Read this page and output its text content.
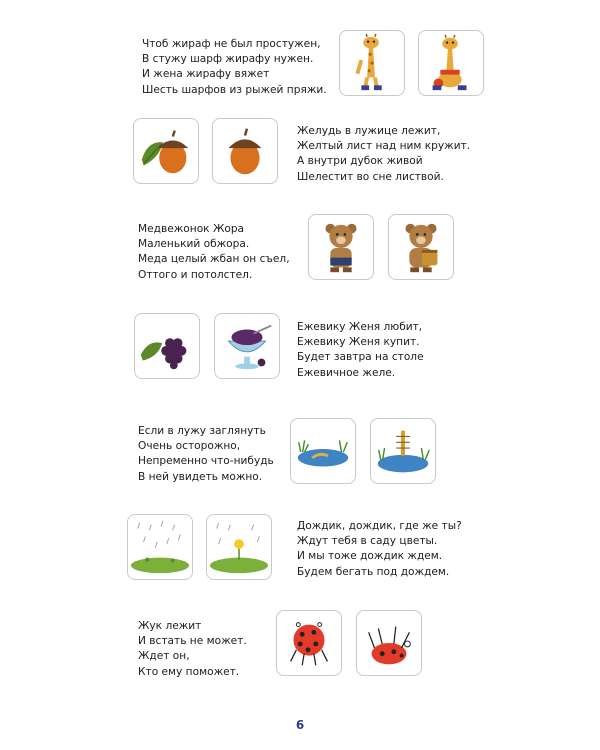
Чтоб жираф не был простужен,
В стужу шарф жирафу нужен.
И жена жирафу вяжет
Шесть шарфов из рыжей пряжи.
Желудь в лужице лежит,
Желтый лист над ним кружит.
А внутри дубок живой
Шелестит во сне листвой.
Медвежонок Жора
Маленький обжора.
Меда целый жбан он съел,
Оттого и потолстел.
Ежевику Женя любит,
Ежевику Женя купит.
Будет завтра на столе
Ежевичное желе.
Если в лужу заглянуть
Очень осторожно,
Непременно что-нибудь
В ней увидеть можно.
Дождик, дождик, где же ты?
Ждут тебя в саду цветы.
И мы тоже дождик ждем.
Будем бегать под дождем.
Жук лежит
И встать не может.
Ждет он,
Кто ему поможет.
6
